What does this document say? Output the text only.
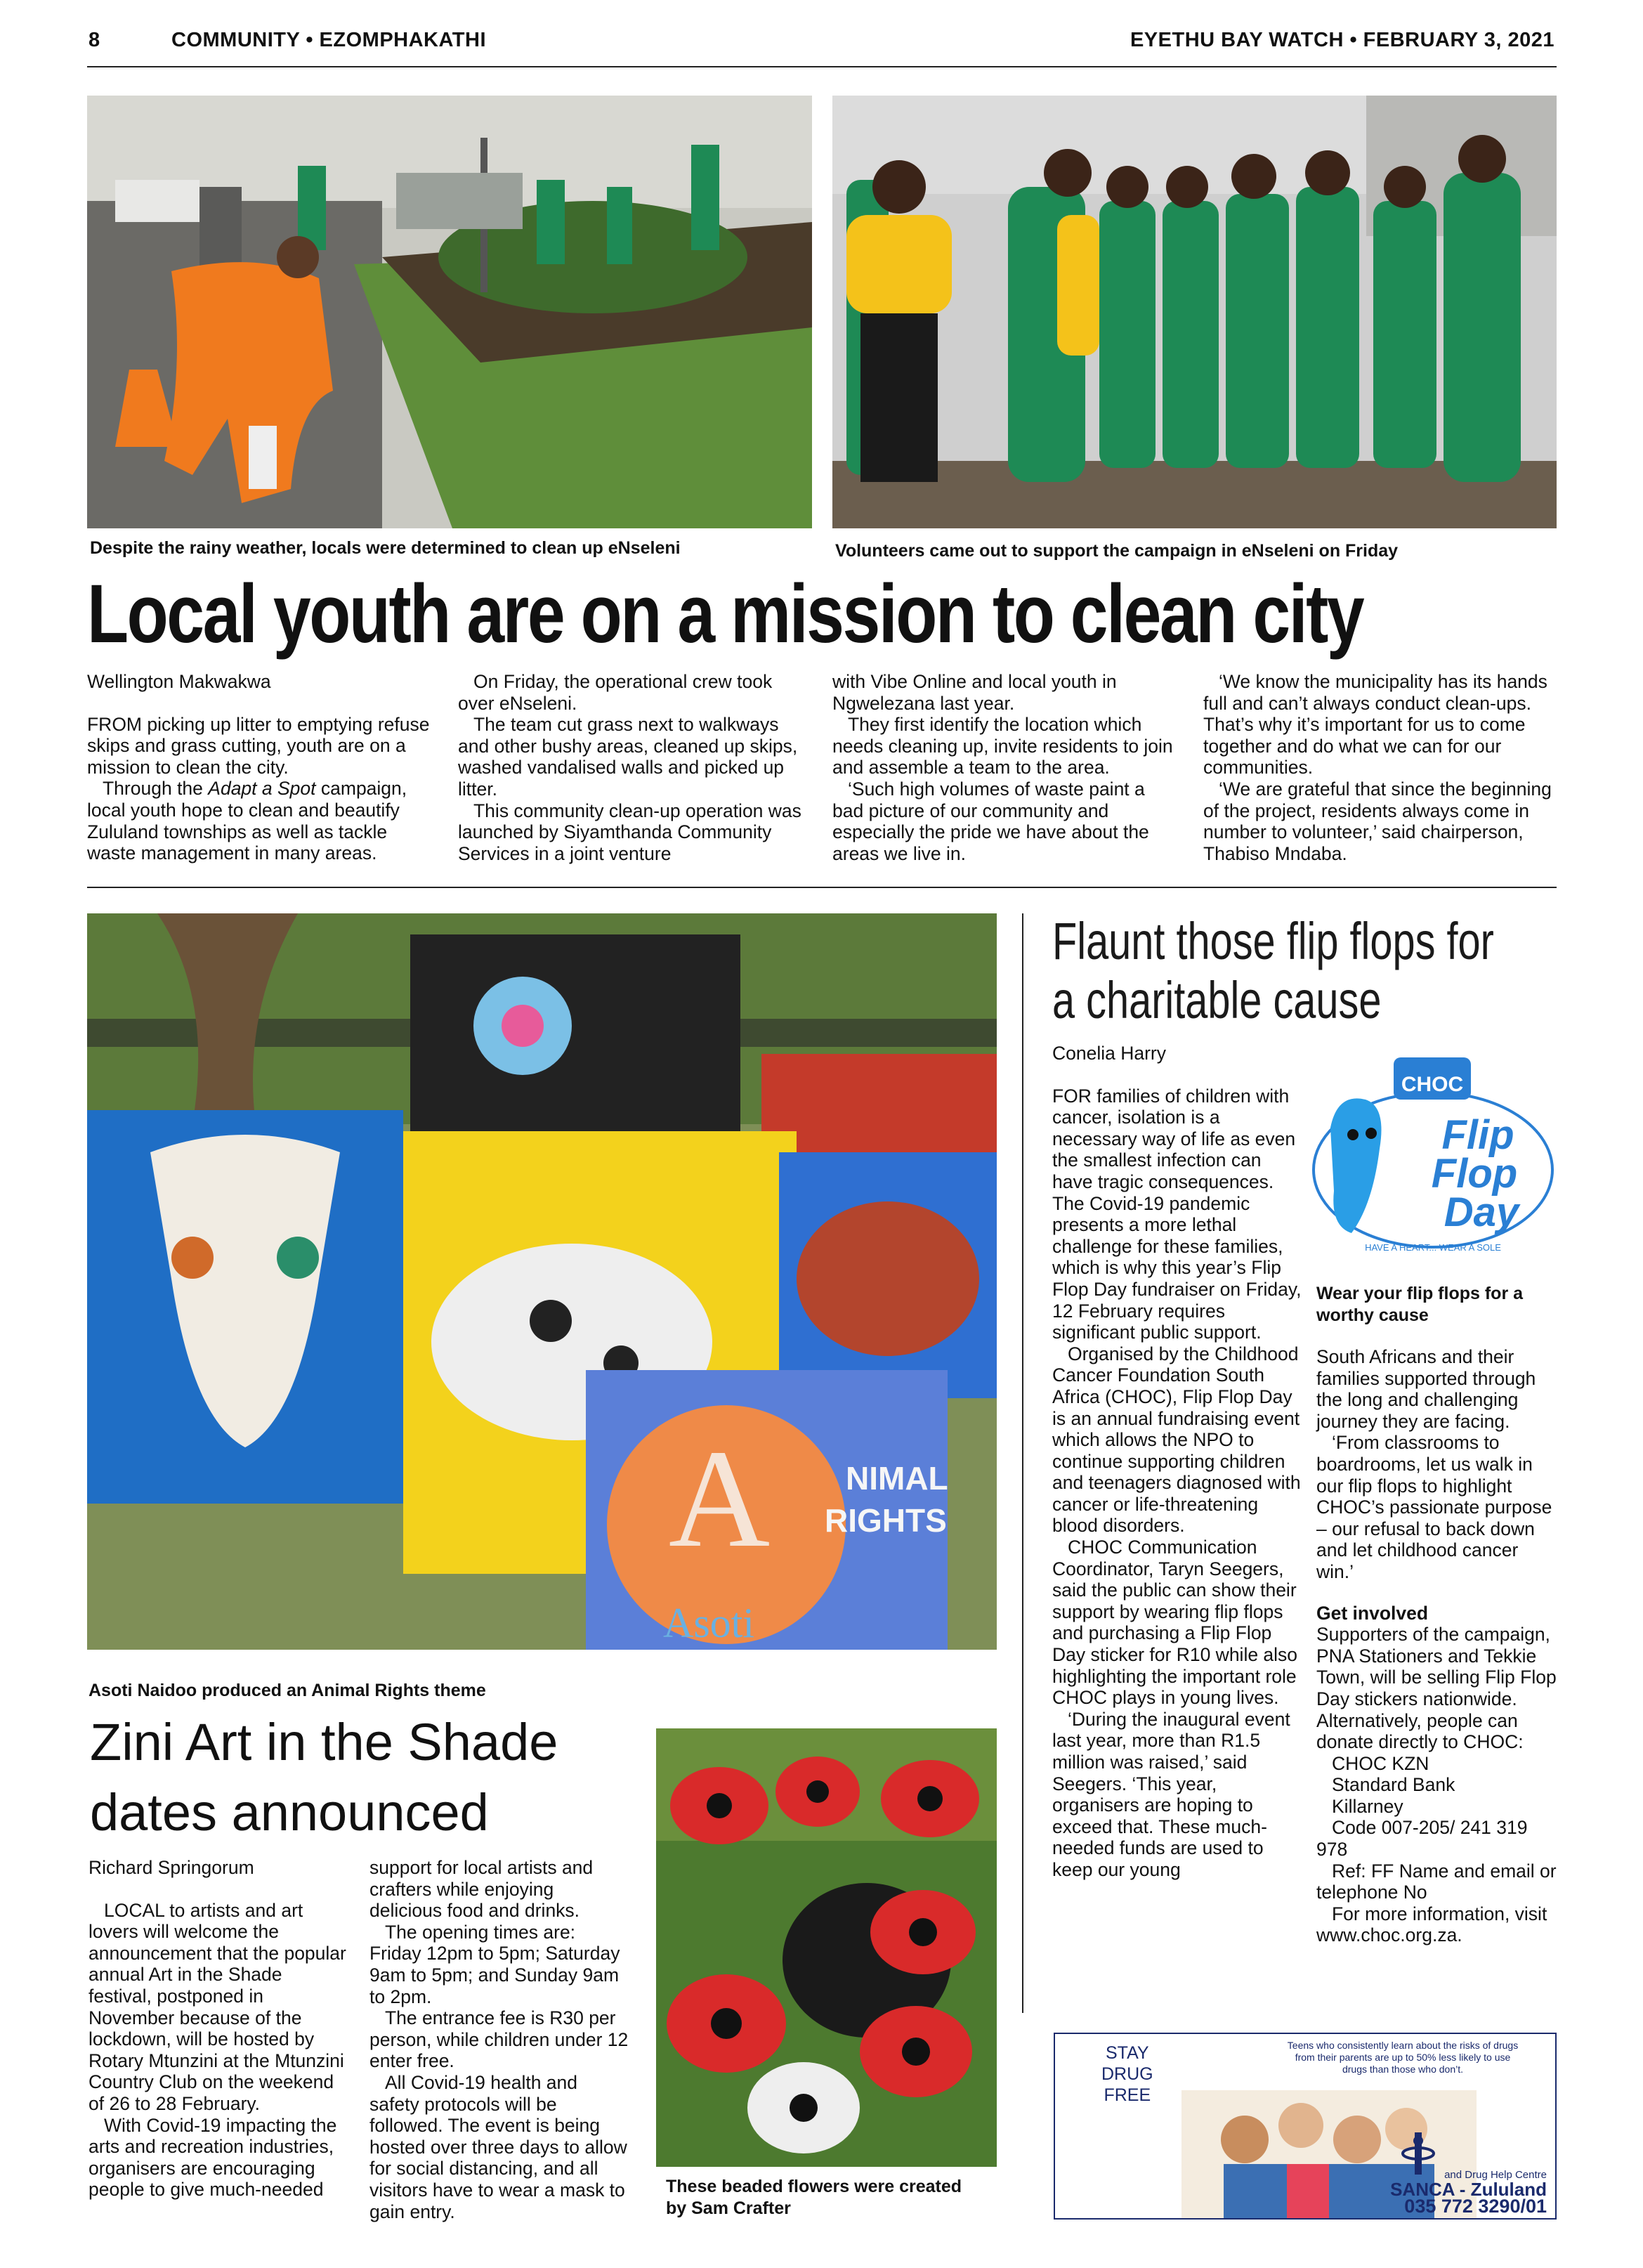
8	COMMUNITY • EZOMPHAKATHI	EYETHU BAY WATCH • FEBRUARY 3, 2021
Despite the rainy weather, locals were determined to clean up eNseleni	Volunteers came out to support the campaign in eNseleni on Friday
Local youth are on a mission to clean city

Wellington Makwakwa

FROM picking up litter to emptying refuse skips and grass cutting, youth are on a mission to clean the city.

Through the Adapt a Spot campaign, local youth hope to clean and beautify Zululand townships as well as tackle waste management in many areas.

On Friday, the operational crew took over eNseleni.

The team cut grass next to walkways and other bushy areas, cleaned up skips, washed vandalised walls and picked up litter.

This community clean-up operation was launched by Siyamthanda Community Services in a joint venture

with Vibe Online and local youth in Ngwelezana last year.

They first identify the location which needs cleaning up, invite residents to join and assemble a team to the area.

‘Such high volumes of waste paint a bad picture of our community and especially the pride we have about the areas we live in.

‘We know the municipality has its hands full and can’t always conduct clean-ups. That’s why it’s important for us to come together and do what we can for our communities.

‘We are grateful that since the beginning of the project, residents always come in number to volunteer,’ said chairperson, Thabiso Mndaba.

A NIMAL
RIGHTS
Asoti
Asoti Naidoo produced an Animal Rights theme
Zini Art in the Shade
dates announced

Richard Springorum

LOCAL to artists and art lovers will welcome the announcement that the popular annual Art in the Shade festival, postponed in November because of the lockdown, will be hosted by Rotary Mtunzini at the Mtunzini Country Club on the weekend of 26 to 28 February.

With Covid-19 impacting the arts and recreation industries, organisers are encouraging people to give much-needed

support for local artists and crafters while enjoying delicious food and drinks.

The opening times are: Friday 12pm to 5pm; Saturday 9am to 5pm; and Sunday 9am to 2pm.

The entrance fee is R30 per person, while children under 12 enter free.

All Covid-19 health and safety protocols will be followed. The event is being hosted over three days to allow for social distancing, and all visitors have to wear a mask to gain entry.

These beaded flowers were created by Sam Crafter
Flaunt those flip flops for
a charitable cause

Conelia Harry

FOR families of children with cancer, isolation is a necessary way of life as even the smallest infection can have tragic consequences. The Covid-19 pandemic presents a more lethal challenge for these families, which is why this year’s Flip Flop Day fundraiser on Friday, 12 February requires significant public support.

Organised by the Childhood Cancer Foundation South Africa (CHOC), Flip Flop Day is an annual fundraising event which allows the NPO to continue supporting children and teenagers diagnosed with cancer or life-threatening blood disorders.

CHOC Communication Coordinator, Taryn Seegers, said the public can show their support by wearing flip flops and purchasing a Flip Flop Day sticker for R10 while also highlighting the important role CHOC plays in young lives.

‘During the inaugural event last year, more than R1.5 million was raised,’ said Seegers. ‘This year, organisers are hoping to exceed that. These much-needed funds are used to keep our young

CHOC
Flip
Flop
Day
HAVE A HEART... WEAR A SOLE
Wear your flip flops for a worthy cause

South Africans and their families supported through the long and challenging journey they are facing.

‘From classrooms to boardrooms, let us walk in our flip flops to highlight CHOC’s passionate purpose – our refusal to back down and let childhood cancer win.’

Get involved

Supporters of the campaign, PNA Stationers and Tekkie Town, will be selling Flip Flop Day stickers nationwide. Alternatively, people can donate directly to CHOC:

CHOC KZN

Standard Bank

Killarney

Code 007-205/ 241 319 978

Ref: FF Name and email or telephone No

For more information, visit www.choc.org.za.

STAY
DRUG
FREE
Teens who consistently learn about the risks of drugs from their parents are up to 50% less likely to use drugs than those who don’t.
and Drug Help Centre
SANCA - Zululand
035 772 3290/01
